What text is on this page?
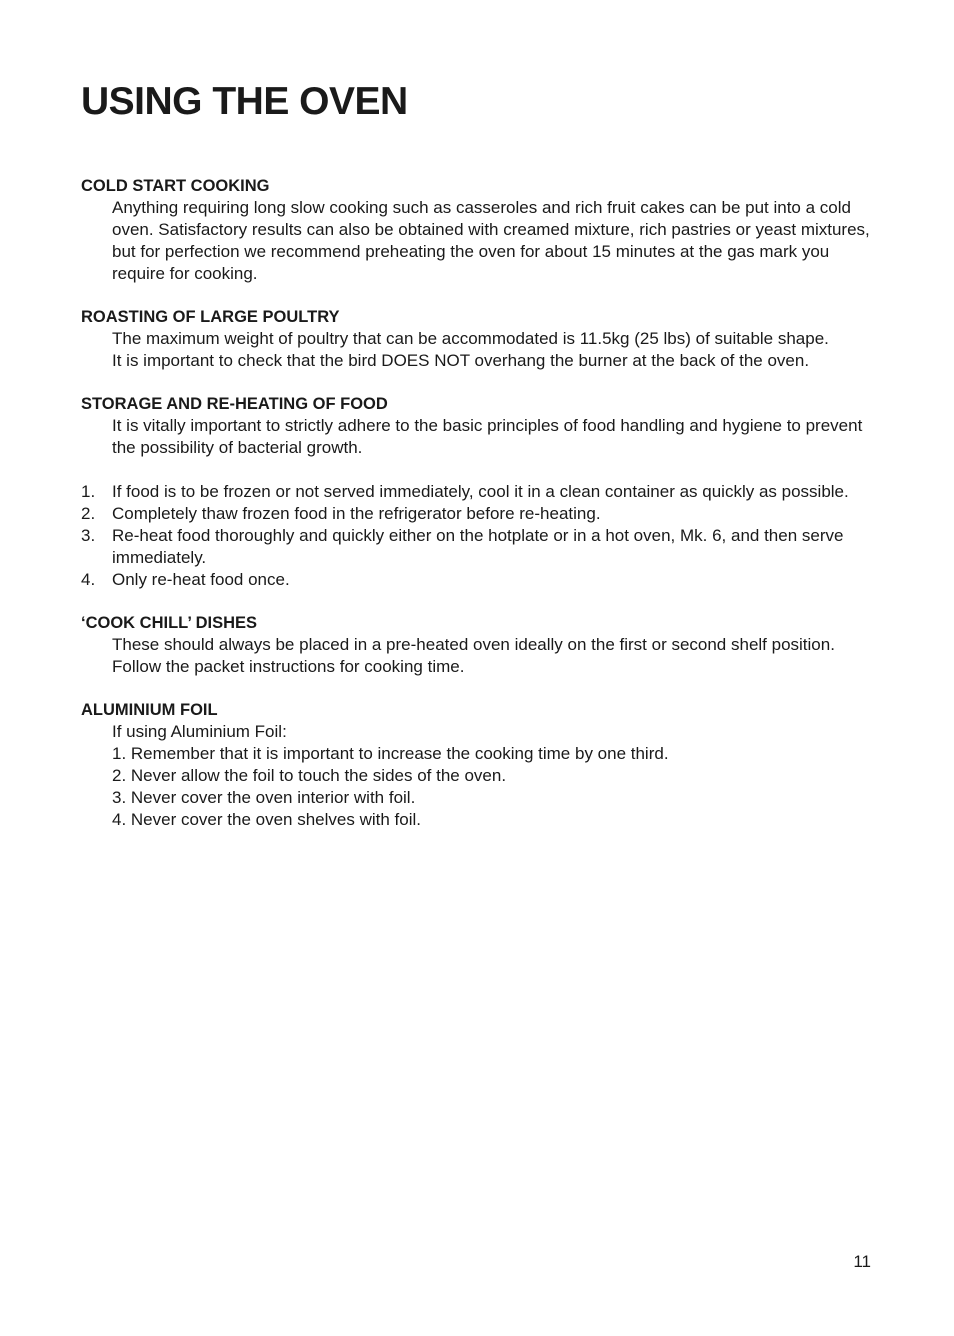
USING THE OVEN
COLD START COOKING

Anything requiring long slow cooking such as casseroles and rich fruit cakes can be put into a cold oven. Satisfactory results can also be obtained with creamed mixture, rich pastries or yeast mixtures, but for perfection we recommend preheating the oven for about 15 minutes at the gas mark you require for cooking.

ROASTING OF LARGE POULTRY

The maximum weight of poultry that can be accommodated is 11.5kg (25 lbs) of suitable shape.

It is important to check that the bird DOES NOT overhang the burner at the back of the oven.

STORAGE AND RE-HEATING OF FOOD

It is vitally important to strictly adhere to the basic principles of food handling and hygiene to prevent the possibility of bacterial growth.

1. If food is to be frozen or not served immediately, cool it in a clean container as quickly as possible.
2. Completely thaw frozen food in the refrigerator before re-heating.
3. Re-heat food thoroughly and quickly either on the hotplate or in a hot oven, Mk. 6, and then serve immediately.
4. Only re-heat food once.
‘COOK CHILL’ DISHES

These should always be placed in a pre-heated oven ideally on the first or second shelf position. Follow the packet instructions for cooking time.

ALUMINIUM FOIL

If using Aluminium Foil:

1. Remember that it is important to increase the cooking time by one third.

2. Never allow the foil to touch the sides of the oven.

3. Never cover the oven interior with foil.

4. Never cover the oven shelves with foil.

11
